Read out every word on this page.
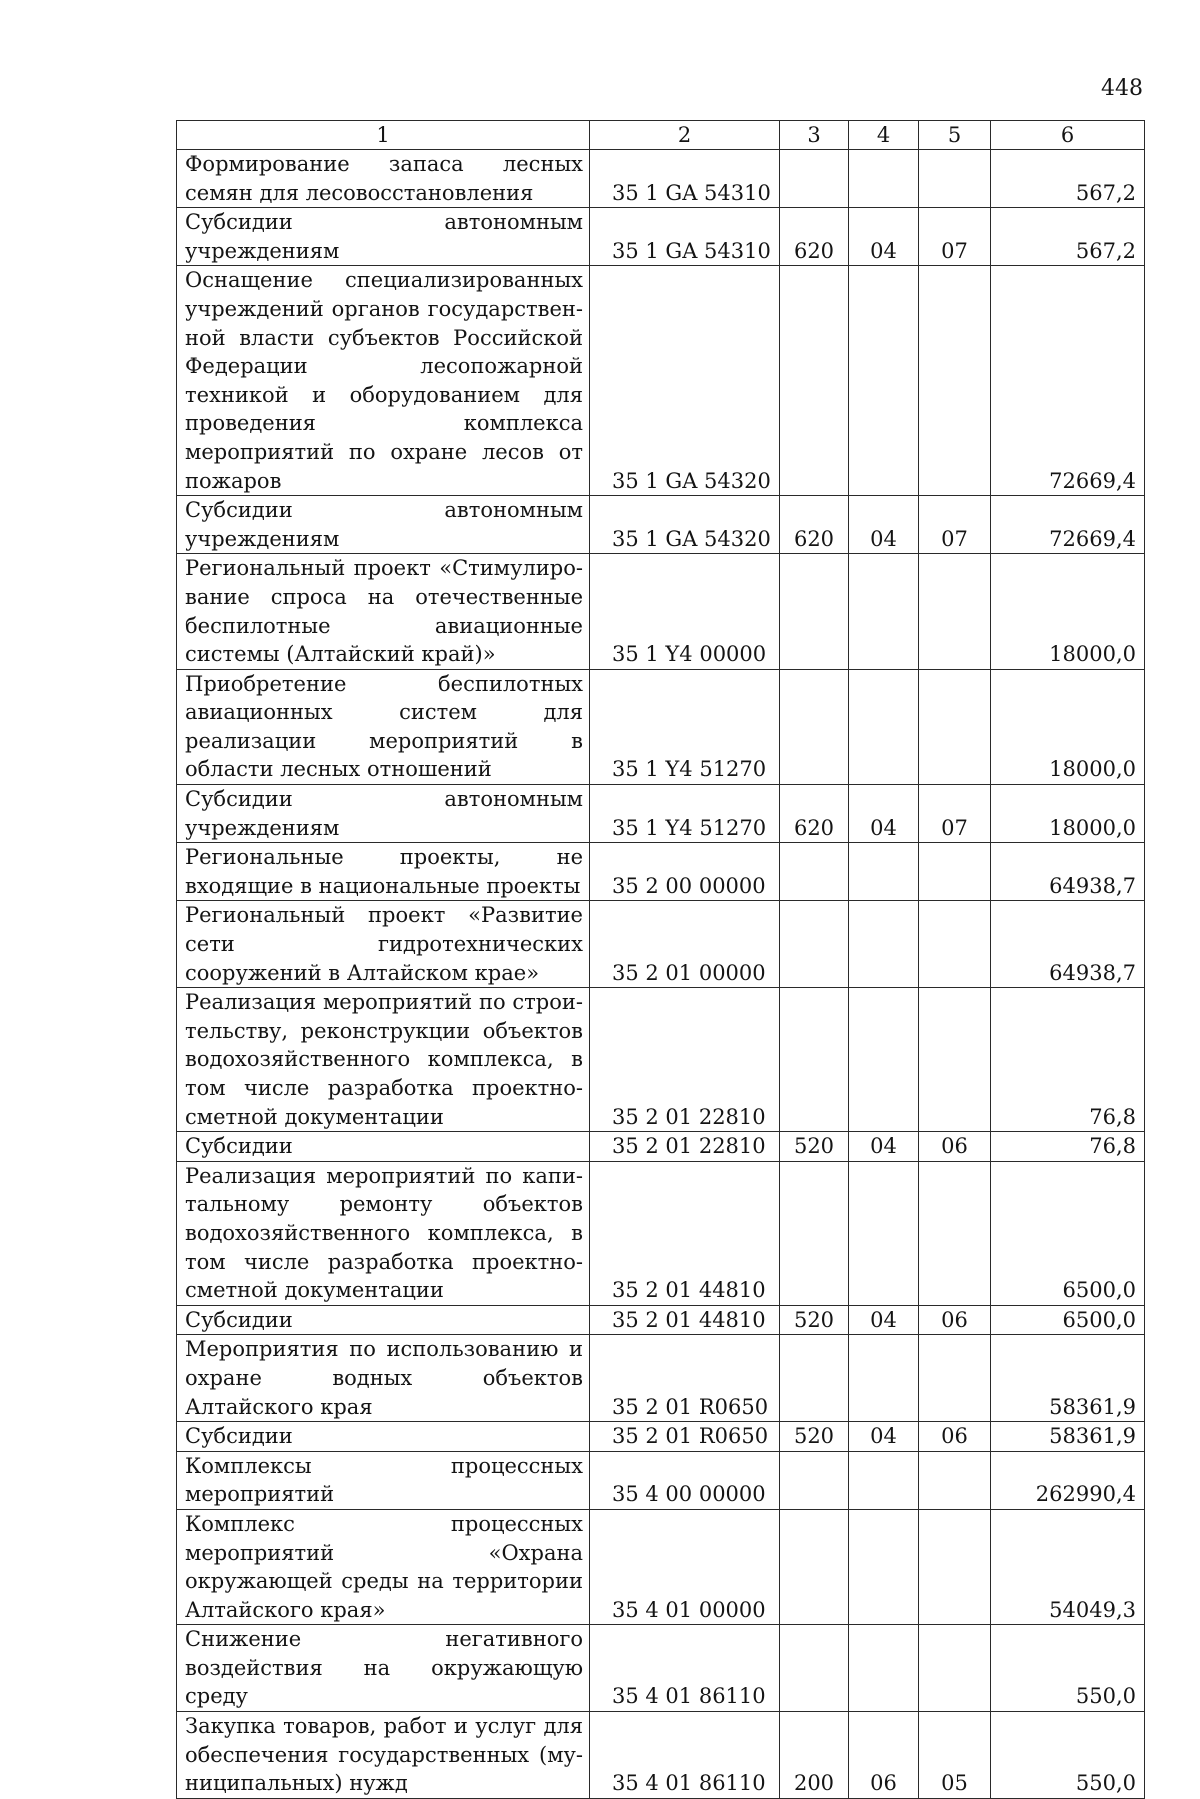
448
1	2	3	4	5	6
Формирование запаса лесных семян для лесовосстановления	35 1 GA 54310				567,2
Субсидии автономным учреждениям	35 1 GA 54310	620	04	07	567,2
Оснащение специализированных учреждений органов государственной власти субъектов Российской Федерации лесопожарной техникой и оборудованием для проведения комплекса мероприятий по охране лесов от пожаров	35 1 GA 54320				72669,4
Субсидии автономным учреждениям	35 1 GA 54320	620	04	07	72669,4
Региональный проект «Стимулирование спроса на отечественные беспилотные авиационные системы (Алтайский край)»	35 1 Y4 00000				18000,0
Приобретение беспилотных авиационных систем для реализации мероприятий в области лесных отношений	35 1 Y4 51270				18000,0
Субсидии автономным учреждениям	35 1 Y4 51270	620	04	07	18000,0
Региональные проекты, не входящие в национальные проекты	35 2 00 00000				64938,7
Региональный проект «Развитие сети гидротехнических сооружений в Алтайском крае»	35 2 01 00000				64938,7
Реализация мероприятий по строительству, реконструкции объектов водохозяйственного комплекса, в том числе разработка проектно-сметной документации	35 2 01 22810				76,8
Субсидии	35 2 01 22810	520	04	06	76,8
Реализация мероприятий по капитальному ремонту объектов водохозяйственного комплекса, в том числе разработка проектно-сметной документации	35 2 01 44810				6500,0
Субсидии	35 2 01 44810	520	04	06	6500,0
Мероприятия по использованию и охране водных объектов Алтайского края	35 2 01 R0650				58361,9
Субсидии	35 2 01 R0650	520	04	06	58361,9
Комплексы процессных мероприятий	35 4 00 00000				262990,4
Комплекс процессных мероприятий «Охрана окружающей среды на территории Алтайского края»	35 4 01 00000				54049,3
Снижение негативного воздействия на окружающую среду	35 4 01 86110				550,0
Закупка товаров, работ и услуг для обеспечения государственных (муниципальных) нужд	35 4 01 86110	200	06	05	550,0
